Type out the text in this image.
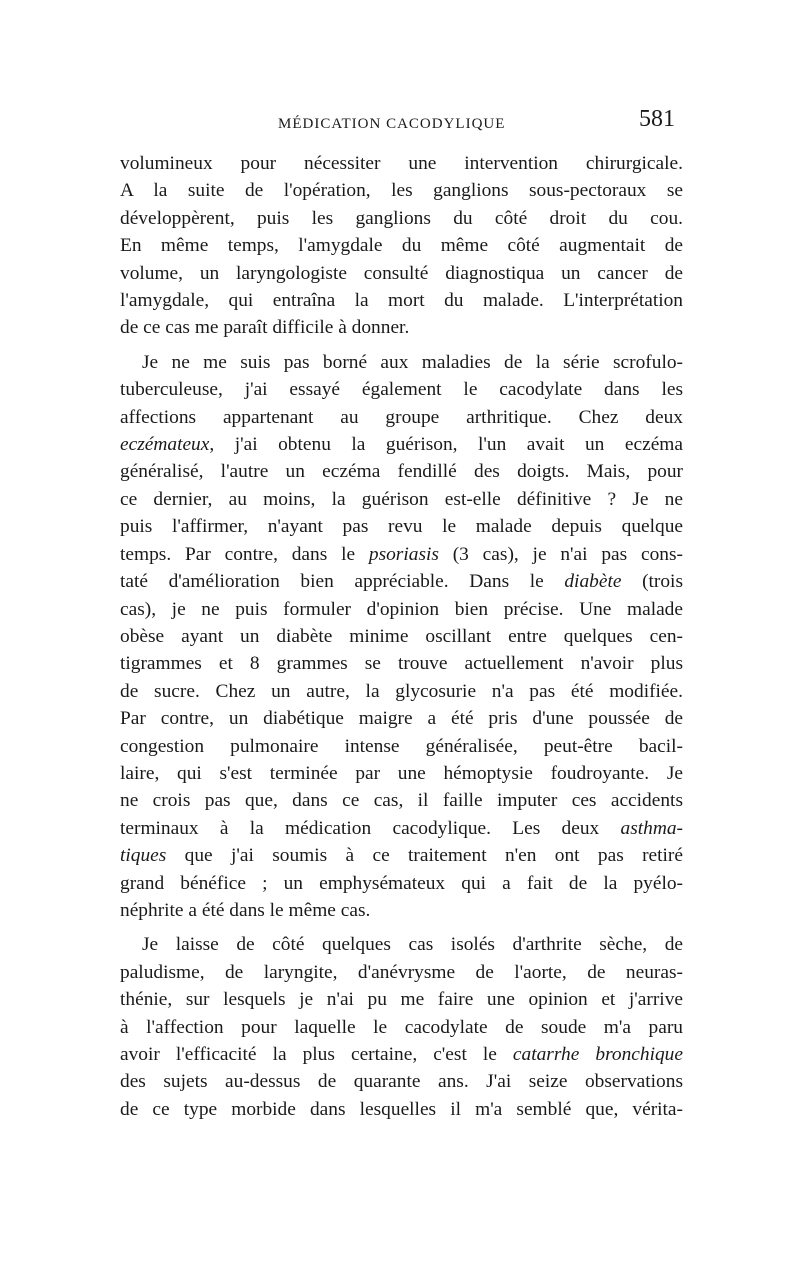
MÉDICATION CACODYLIQUE	581
volumineux pour nécessiter une intervention chirurgicale.
A la suite de l'opération, les ganglions sous-pectoraux se
développèrent, puis les ganglions du côté droit du cou.
En même temps, l'amygdale du même côté augmentait de
volume, un laryngologiste consulté diagnostiqua un cancer de
l'amygdale, qui entraîna la mort du malade. L'interprétation
de ce cas me paraît difficile à donner.
Je ne me suis pas borné aux maladies de la série scrofulo-
tuberculeuse, j'ai essayé également le cacodylate dans les
affections appartenant au groupe arthritique. Chez deux
eczémateux, j'ai obtenu la guérison, l'un avait un eczéma
généralisé, l'autre un eczéma fendillé des doigts. Mais, pour
ce dernier, au moins, la guérison est-elle définitive ? Je ne
puis l'affirmer, n'ayant pas revu le malade depuis quelque
temps. Par contre, dans le psoriasis (3 cas), je n'ai pas cons-
taté d'amélioration bien appréciable. Dans le diabète (trois
cas), je ne puis formuler d'opinion bien précise. Une malade
obèse ayant un diabète minime oscillant entre quelques cen-
tigrammes et 8 grammes se trouve actuellement n'avoir plus
de sucre. Chez un autre, la glycosurie n'a pas été modifiée.
Par contre, un diabétique maigre a été pris d'une poussée de
congestion pulmonaire intense généralisée, peut-être bacil-
laire, qui s'est terminée par une hémoptysie foudroyante. Je
ne crois pas que, dans ce cas, il faille imputer ces accidents
terminaux à la médication cacodylique. Les deux asthma-
tiques que j'ai soumis à ce traitement n'en ont pas retiré
grand bénéfice ; un emphysémateux qui a fait de la pyélo-
néphrite a été dans le même cas.
Je laisse de côté quelques cas isolés d'arthrite sèche, de
paludisme, de laryngite, d'anévrysme de l'aorte, de neuras-
thénie, sur lesquels je n'ai pu me faire une opinion et j'arrive
à l'affection pour laquelle le cacodylate de soude m'a paru
avoir l'efficacité la plus certaine, c'est le catarrhe bronchique
des sujets au-dessus de quarante ans. J'ai seize observations
de ce type morbide dans lesquelles il m'a semblé que, vérita-
